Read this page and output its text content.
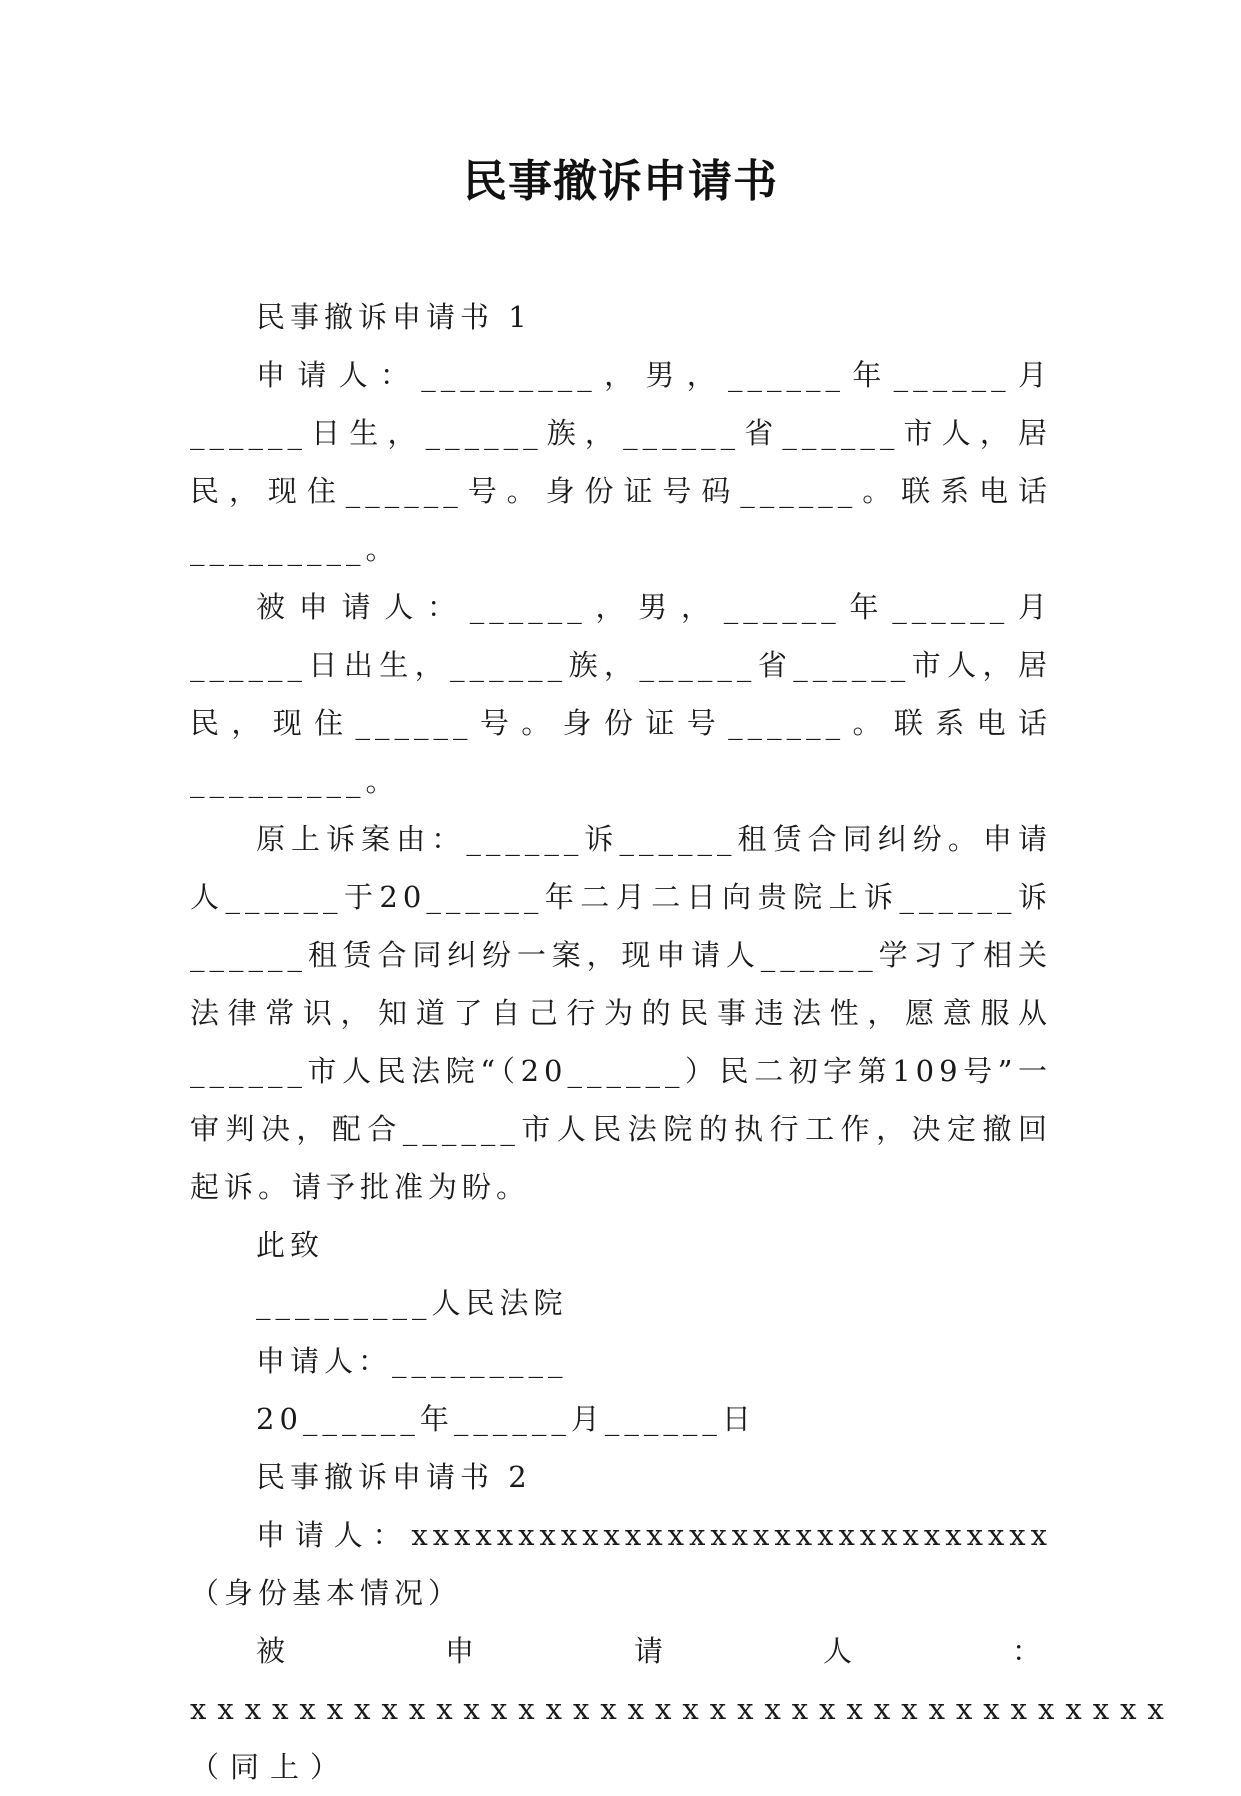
民事撤诉申请书

民事撤诉申请书 1

申请人：_________，男，______年______月______日生，______族，______省______市人，居民，现住______号。身份证号码______。联系电话_________。

被申请人：______，男，______年______月______日出生，______族，______省______市人，居民，现住______号。身份证号______。联系电话_________。

原上诉案由：______诉______租赁合同纠纷。申请人______于20______年二月二日向贵院上诉______诉______租赁合同纠纷一案，现申请人______学习了相关法律常识，知道了自己行为的民事违法性，愿意服从______市人民法院“（20______）民二初字第109号”一审判决，配合______市人民法院的执行工作，决定撤回起诉。请予批准为盼。

此致

_________人民法院

申请人：_________

20______年______月______日

民事撤诉申请书 2

申请人：xxxxxxxxxxxxxxxxxxxxxxxxxxxxxx（身份基本情况）

被申请人：xxxxxxxxxxxxxxxxxxxxxxxxxxxxxxxxxxxx（同上）
